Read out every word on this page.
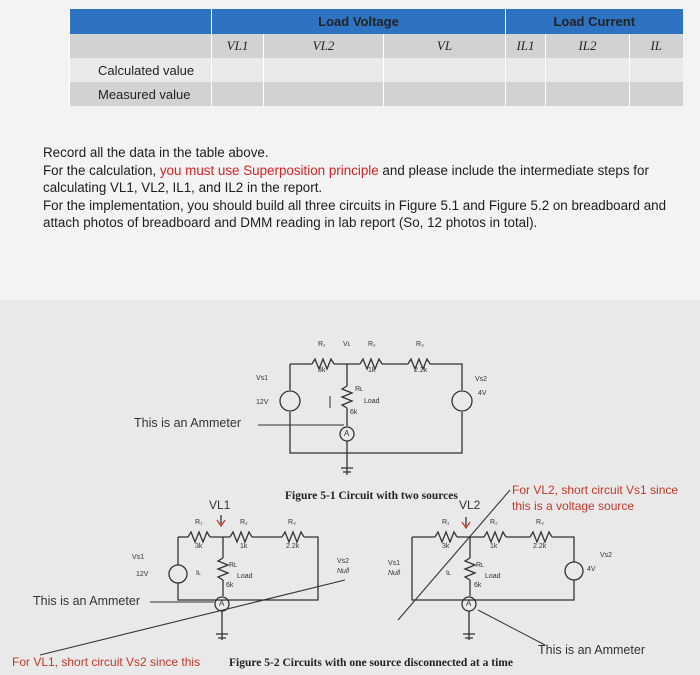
	Load Voltage			Load Current		
	VL1	VL2	VL	IL1	IL2	IL
Calculated value						
Measured value						
Record all the data in the table above.
For the calculation, you must use Superposition principle and please include the intermediate steps for
calculating VL1, VL2, IL1, and IL2 in the report.
For the implementation, you should build all three circuits in Figure 5.1 and Figure 5.2 on breadboard and
attach photos of breadboard and DMM reading in lab report (So, 12 photos in total).
R₁	Vʟ	R₂	R₃
3k	1k	2.2k
Vs1
12V
Vs2
4V
Rʟ
Load
6k
A
This is an Ammeter
Figure 5-1 Circuit with two sources
VL1
R₁	R₂	R₃
3k	1k	2.2k
Vs1
12V	Iʟ
Rʟ
Load
6k
Vs2
Null
A
This is an Ammeter
For VL1, short circuit Vs2 since this
VL2
R₁	R₂	R₃
3k	1k	2.2k
Vs1
Null	Iʟ
Rʟ
Load
6k
Vs2
4V
A
For VL2, short circuit Vs1 since
this is a voltage source
This is an Ammeter
Figure 5-2 Circuits with one source disconnected at a time
